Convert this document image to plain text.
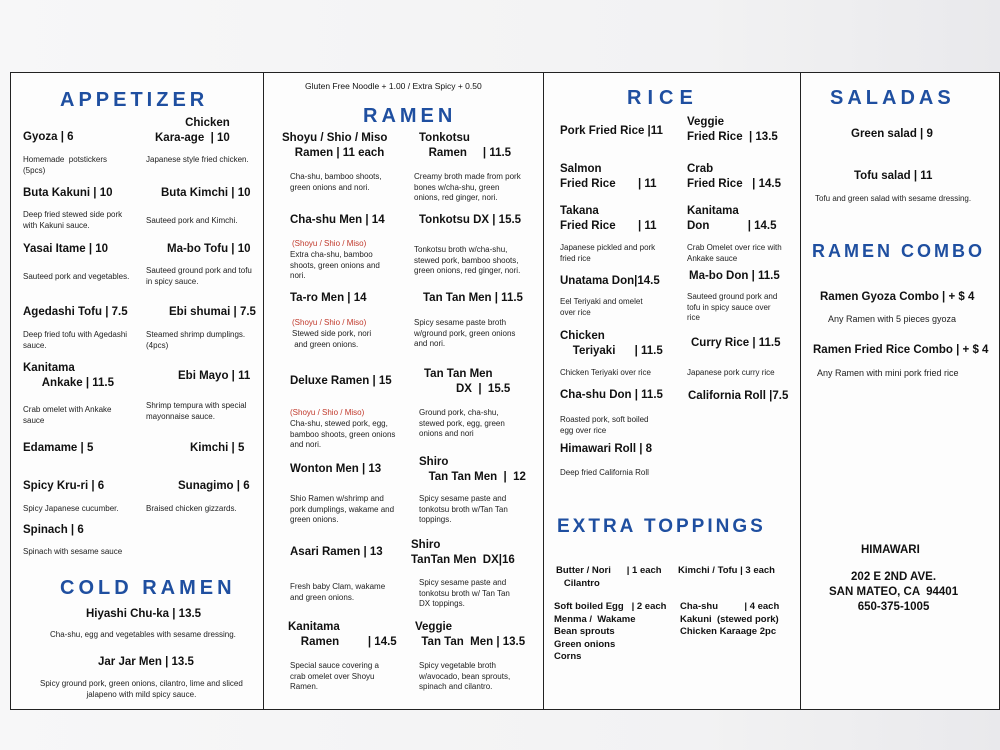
APPETIZER
Gyoza | 6
Homemade  potstickers
(5pcs)
Chicken
Kara-age  | 10
Japanese style fried chicken.
Buta Kakuni | 10
Deep fried stewed side pork
with Kakuni sauce.
Buta Kimchi | 10
Sauteed pork and Kimchi.
Yasai Itame | 10
Sauteed pork and vegetables.
Ma-bo Tofu | 10
Sauteed ground pork and tofu
in spicy sauce.
Agedashi Tofu | 7.5
Deep fried tofu with Agedashi
sauce.
Ebi shumai | 7.5
Steamed shrimp dumplings.
(4pcs)
Kanitama
Ankake | 11.5
Crab omelet with Ankake
sauce
Ebi Mayo | 11
Shrimp tempura with special
mayonnaise sauce.
Edamame | 5	Kimchi | 5
Spicy Kru-ri | 6
Spicy Japanese cucumber.
Sunagimo | 6
Braised chicken gizzards.
Spinach | 6
Spinach with sesame sauce
COLD RAMEN
Hiyashi Chu-ka | 13.5
Cha-shu, egg and vegetables with sesame dressing.
Jar Jar Men | 13.5
Spicy ground pork, green onions, cilantro, lime and sliced
jalapeno with mild spicy sauce.
Gluten Free Noodle + 1.00 / Extra Spicy + 0.50
RAMEN
Shoyu / Shio / Miso
Ramen | 11 each
Cha-shu, bamboo shoots,
green onions and nori.
Tonkotsu
Ramen     | 11.5
Creamy broth made from pork
bones w/cha-shu, green
onions, red ginger, nori.
Cha-shu Men | 14
(Shoyu / Shio / Miso)
Extra cha-shu, bamboo
shoots, green onions and
nori.
Tonkotsu DX | 15.5
Tonkotsu broth w/cha-shu,
stewed pork, bamboo shoots,
green onions, red ginger, nori.
Ta-ro Men | 14
(Shoyu / Shio / Miso)
Stewed side pork, nori
and green onions.
Tan Tan Men | 11.5
Spicy sesame paste broth
w/ground pork, green onions
and nori.
Deluxe Ramen | 15
(Shoyu / Shio / Miso)
Cha-shu, stewed pork, egg,
bamboo shoots, green onions
and nori.
Tan Tan Men
DX  |  15.5
Ground pork, cha-shu,
stewed pork, egg, green
onions and nori
Wonton Men | 13
Shio Ramen w/shrimp and
pork dumplings, wakame and
green onions.
Shiro
Tan Tan Men  |  12
Spicy sesame paste and
tonkotsu broth w/Tan Tan
toppings.
Asari Ramen | 13
Fresh baby Clam, wakame
and green onions.
Shiro
TanTan Men  DX|16
Spicy sesame paste and
tonkotsu broth w/ Tan Tan
DX toppings.
Kanitama
Ramen         | 14.5
Special sauce covering a
crab omelet over Shoyu
Ramen.
Veggie
Tan Tan  Men | 13.5
Spicy vegetable broth
w/avocado, bean sprouts,
spinach and cilantro.
RICE
Pork Fried Rice |11
Veggie
Fried Rice  | 13.5
Salmon
Fried Rice       | 11
Crab
Fried Rice   | 14.5
Takana
Fried Rice       | 11
Japanese pickled and pork
fried rice
Kanitama
Don            | 14.5
Crab Omelet over rice with
Ankake sauce
Unatama Don|14.5
Eel Teriyaki and omelet
over rice
Ma-bo Don | 11.5
Sauteed ground pork and
tofu in spicy sauce over
rice
Chicken
Teriyaki      | 11.5
Chicken Teriyaki over rice
Curry Rice | 11.5
Japanese pork curry rice
Cha-shu Don | 11.5
Roasted pork, soft boiled
egg over rice
California Roll |7.5
Himawari Roll | 8
Deep fried California Roll
EXTRA TOPPINGS
Butter / Nori      | 1 each
Cilantro
Kimchi / Tofu | 3 each
Soft boiled Egg   | 2 each
Menma /  Wakame
Bean sprouts
Green onions
Corns
Cha-shu          | 4 each
Kakuni  (stewed pork)
Chicken Karaage 2pc
SALADAS
Green salad | 9
Tofu salad | 11
Tofu and green salad with sesame dressing.
RAMEN COMBO
Ramen Gyoza Combo | + $ 4
Any Ramen with 5 pieces gyoza
Ramen Fried Rice Combo | + $ 4
Any Ramen with mini pork fried rice
HIMAWARI
202 E 2ND AVE.
SAN MATEO, CA  94401
650-375-1005
